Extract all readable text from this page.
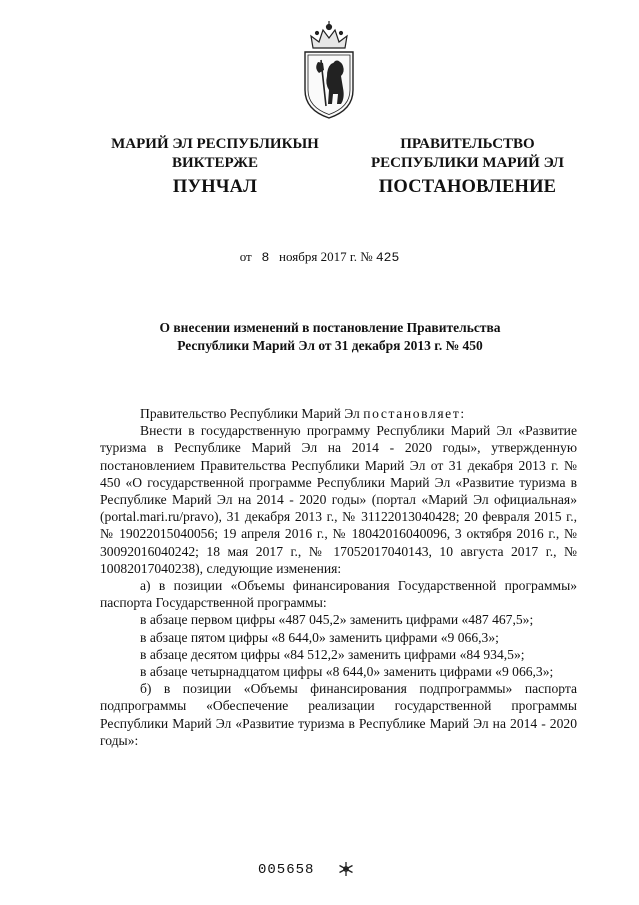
МАРИЙ ЭЛ РЕСПУБЛИКЫН
ВИКТЕРЖЕ
ПРАВИТЕЛЬСТВО
РЕСПУБЛИКИ МАРИЙ ЭЛ
ПУНЧАЛ	ПОСТАНОВЛЕНИЕ
от 8 ноября 2017 г. № 425
О внесении изменений в постановление Правительства
Республики Марий Эл от 31 декабря 2013 г. № 450

Правительство Республики Марий Эл постановляет:

Внести в государственную программу Республики Марий Эл «Развитие туризма в Республике Марий Эл на 2014 - 2020 годы», утвержденную постановлением Правительства Республики Марий Эл от 31 декабря 2013 г. № 450 «О государственной программе Республики Марий Эл «Развитие туризма в Республике Марий Эл на 2014 - 2020 годы» (портал «Марий Эл официальная» (portal.mari.ru/pravo), 31 декабря 2013 г., № 31122013040428; 20 февраля 2015 г., № 19022015040056; 19 апреля 2016 г., № 18042016040096, 3 октября 2016 г., № 30092016040242; 18 мая 2017 г., № 17052017040143, 10 августа 2017 г., № 10082017040238), следующие изменения:

а) в позиции «Объемы финансирования Государственной программы» паспорта Государственной программы:

в абзаце первом цифры «487 045,2» заменить цифрами «487 467,5»;

в абзаце пятом цифры «8 644,0» заменить цифрами «9 066,3»;

в абзаце десятом цифры «84 512,2» заменить цифрами «84 934,5»;

в абзаце четырнадцатом цифры «8 644,0» заменить цифрами «9 066,3»;

б) в позиции «Объемы финансирования подпрограммы» паспорта подпрограммы «Обеспечение реализации государственной программы Республики Марий Эл «Развитие туризма в Республике Марий Эл на 2014 - 2020 годы»:

005658
